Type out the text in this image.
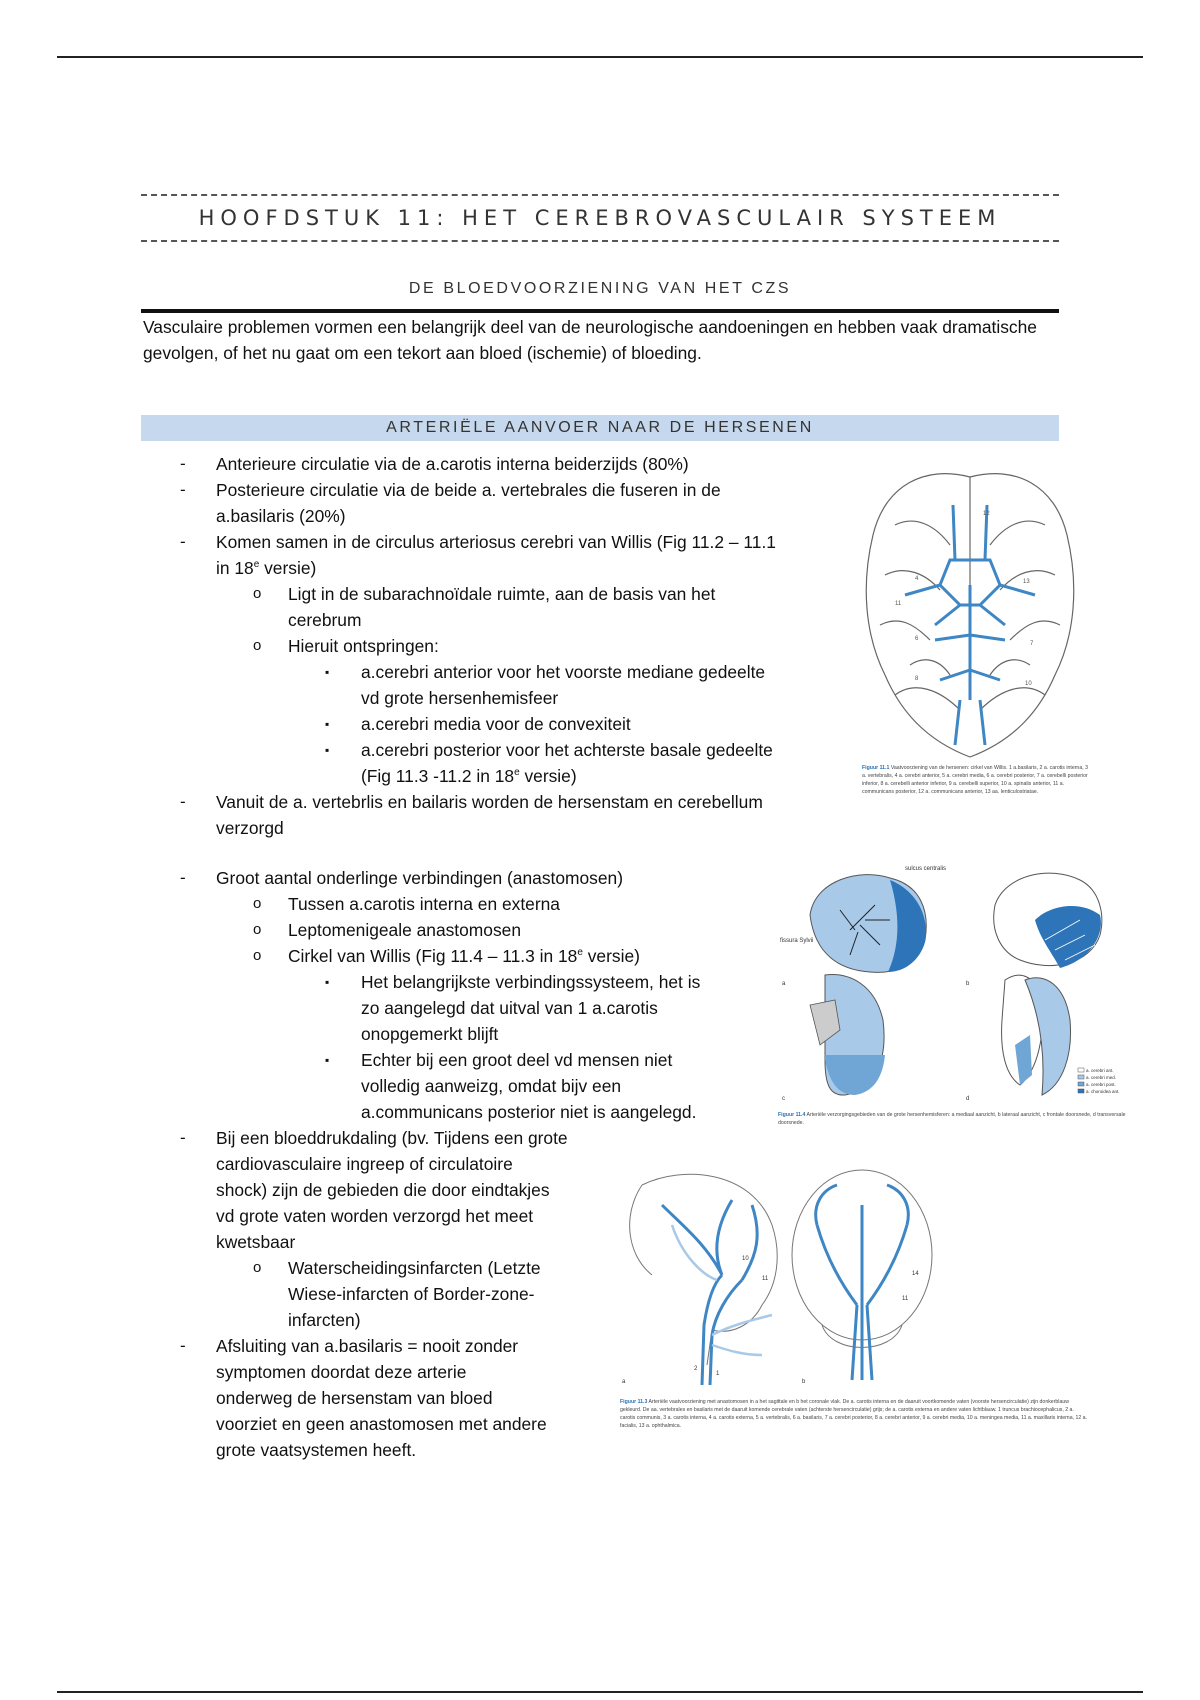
HOOFDSTUK 11: HET CEREBROVASCULAIR SYSTEEM
DE BLOEDVOORZIENING VAN HET CZS
Vasculaire problemen vormen een belangrijk deel van de neurologische aandoeningen en hebben vaak dramatische gevolgen, of het nu gaat om een tekort aan bloed (ischemie) of bloeding.
ARTERIËLE AANVOER NAAR DE HERSENEN
- Anterieure circulatie via de a.carotis interna beiderzijds (80%)
- Posterieure circulatie via de beide a. vertebrales die fuseren in de
a.basilaris (20%)
- Komen samen in de circulus arteriosus cerebri van Willis (Fig 11.2 – 11.1
in 18e versie)
o Ligt in de subarachnoïdale ruimte, aan de basis van het
cerebrum
o Hieruit ontspringen:
▪ a.cerebri anterior voor het voorste mediane gedeelte
vd grote hersenhemisfeer
▪ a.cerebri media voor de convexiteit
▪ a.cerebri posterior voor het achterste basale gedeelte
(Fig 11.3 -11.2 in 18e versie)
- Vanuit de a. vertebrlis en bailaris worden de hersenstam en cerebellum
verzorgd
- Groot aantal onderlinge verbindingen (anastomosen)
o Tussen a.carotis interna en externa
o Leptomenigeale anastomosen
o Cirkel van Willis (Fig 11.4 – 11.3 in 18e versie)
▪ Het belangrijkste verbindingssysteem, het is
zo aangelegd dat uitval van 1 a.carotis
onopgemerkt blijft
▪ Echter bij een groot deel vd mensen niet
volledig aanweizg, omdat bijv een
a.communicans posterior niet is aangelegd.
- Bij een bloeddrukdaling (bv. Tijdens een grote
cardiovasculaire ingreep of circulatoire
shock) zijn de gebieden die door eindtakjes
vd grote vaten worden verzorgd het meet
kwetsbaar
o Waterscheidingsinfarcten (Letzte
Wiese-infarcten of Border-zone-
infarcten)
- Afsluiting van a.basilaris = nooit zonder
symptomen doordat deze arterie
onderweg de hersenstam van bloed
voorziet en geen anastomosen met andere
grote vaatsystemen heeft.
12
4	13
11
6
7
8
10
Figuur 11.1 Vaatvoorziening van de hersenen: cirkel van Willis. 1 a.basilaris, 2 a. carotis interna, 3 a. vertebralis, 4 a. cerebri anterior, 5 a. cerebri media, 6 a. cerebri posterior, 7 a. cerebelli posterior inferior, 8 a. cerebelli anterior inferior, 9 a. cerebelli superior, 10 a. spinalis anterior, 11 a. communicans posterior, 12 a. communicans anterior, 13 aa. lenticulostriatae.
a	b
c	d
sulcus centralis
fissura Sylvii
a. cerebri ant.
a. cerebri med.
a. cerebri post.
a. choroidea ant.
Figuur 11.4 Arteriële verzorgingsgebieden van de grote hersenhemisferen: a mediaal aanzicht, b lateraal aanzicht, c frontale doorsnede, d transversale doorsnede.
a	b
10
11
14
11
2
1
Figuur 11.3 Arteriële vaatvoorziening met anastomosen in a het sagittale en b het coronale vlak. De a. carotis interna en de daaruit voortkomende vaten (voorste hersencirculatie) zijn donkerblauw gekleurd. De aa. vertebrales en basilaris met de daaruit komende cerebrale vaten (achterste hersencirculatie) grijs; de a. carotis externa en andere vaten lichtblauw. 1 truncus brachiocephalicus, 2 a. carotis communis, 3 a. carotis interna, 4 a. carotis externa, 5 a. vertebralis, 6 a. basilaris, 7 a. cerebri posterior, 8 a. cerebri anterior, 9 a. cerebri media, 10 a. meningea media, 11 a. maxillaris interna, 12 a. facialis, 13 a. ophthalmica.
